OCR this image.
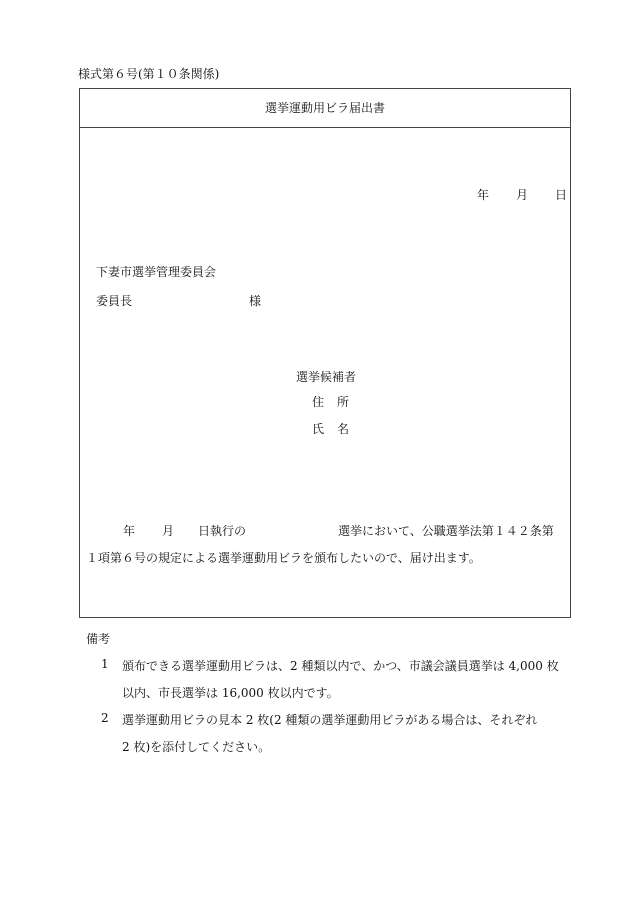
様式第６号(第１０条関係)
選挙運動用ビラ届出書
年 月 日
下妻市選挙管理委員会
委員長	様
選挙候補者
住 所
氏 名
年 月 日執行の	選挙において、公職選挙法第１４２条第
１項第６号の規定による選挙運動用ビラを頒布したいので、届け出ます。
備考
1 頒布できる選挙運動用ビラは、2 種類以内で、かつ、市議会議員選挙は 4,000 枚
以内、市長選挙は 16,000 枚以内です。
2 選挙運動用ビラの見本 2 枚(2 種類の選挙運動用ビラがある場合は、それぞれ
2 枚)を添付してください。
